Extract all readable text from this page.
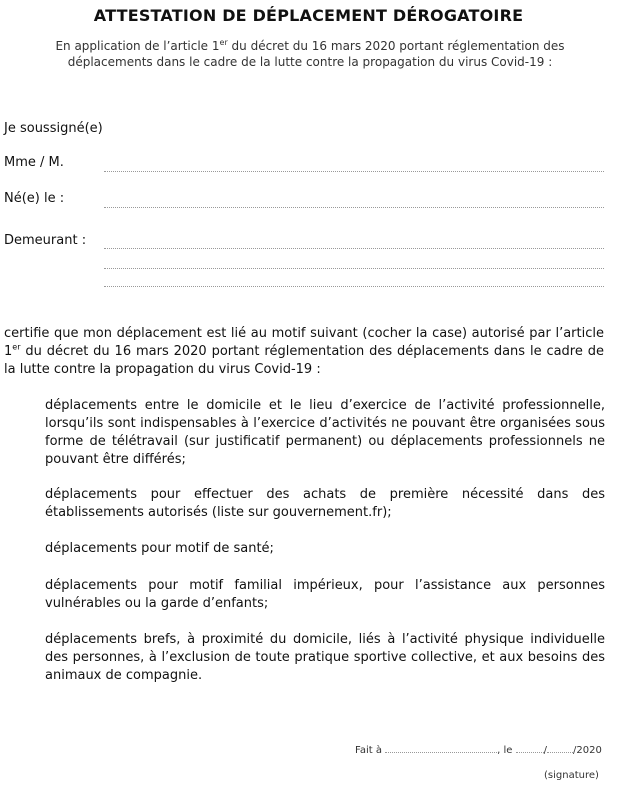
ATTESTATION DE DÉPLACEMENT DÉROGATOIRE
En application de l’article 1er du décret du 16 mars 2020 portant réglementation des déplacements dans le cadre de la lutte contre la propagation du virus Covid-19 :
Je soussigné(e)
Mme / M.
Né(e) le :
Demeurant :
certifie que mon déplacement est lié au motif suivant (cocher la case) autorisé par l’article 1er du décret du 16 mars 2020 portant réglementation des déplacements dans le cadre de la lutte contre la propagation du virus Covid-19 :
déplacements entre le domicile et le lieu d’exercice de l’activité professionnelle, lorsqu’ils sont indispensables à l’exercice d’activités ne pouvant être organisées sous forme de télétravail (sur justificatif permanent) ou déplacements professionnels ne pouvant être différés;
déplacements pour effectuer des achats de première nécessité dans des établissements autorisés (liste sur gouvernement.fr);
déplacements pour motif de santé;
déplacements pour motif familial impérieux, pour l’assistance aux personnes vulnérables ou la garde d’enfants;
déplacements brefs, à proximité du domicile, liés à l’activité physique individuelle des personnes, à l’exclusion de toute pratique sportive collective, et aux besoins des animaux de compagnie.
Fait à	, le	/	/2020
(signature)
